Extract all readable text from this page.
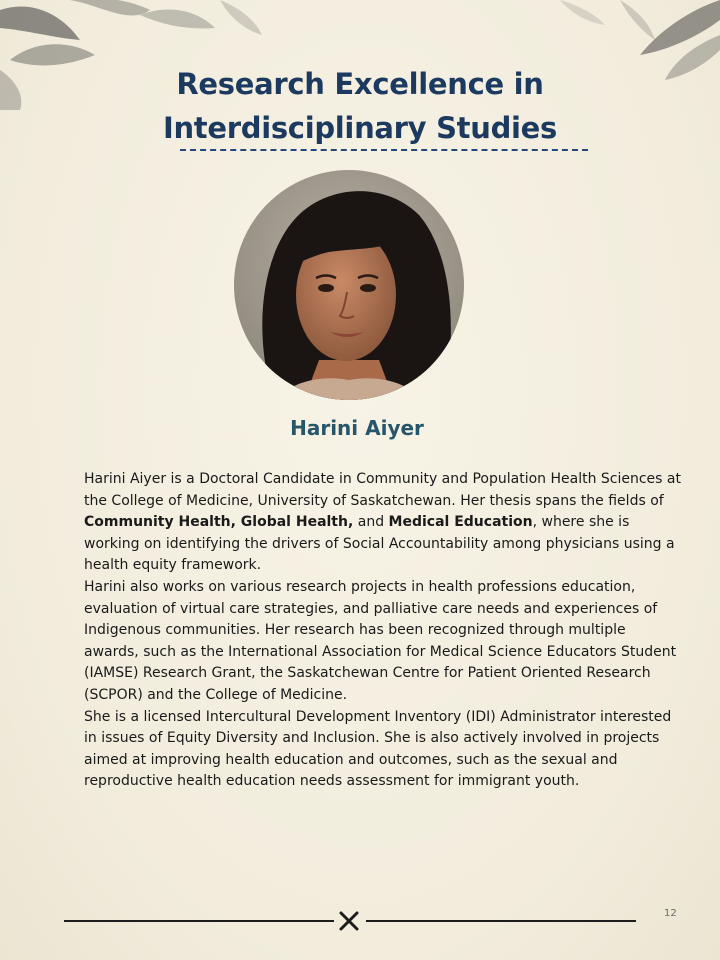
Research Excellence in
Interdisciplinary Studies
Harini Aiyer

Harini Aiyer is a Doctoral Candidate in Community and Population Health Sciences at the College of Medicine, University of Saskatchewan. Her thesis spans the fields of Community Health, Global Health, and Medical Education, where she is working on identifying the drivers of Social Accountability among physicians using a health equity framework.

Harini also works on various research projects in health professions education, evaluation of virtual care strategies, and palliative care needs and experiences of Indigenous communities. Her research has been recognized through multiple awards, such as the International Association for Medical Science Educators Student (IAMSE) Research Grant, the Saskatchewan Centre for Patient Oriented Research (SCPOR) and the College of Medicine.

She is a licensed Intercultural Development Inventory (IDI) Administrator interested in issues of Equity Diversity and Inclusion. She is also actively involved in projects aimed at improving health education and outcomes, such as the sexual and reproductive health education needs assessment for immigrant youth.

12
